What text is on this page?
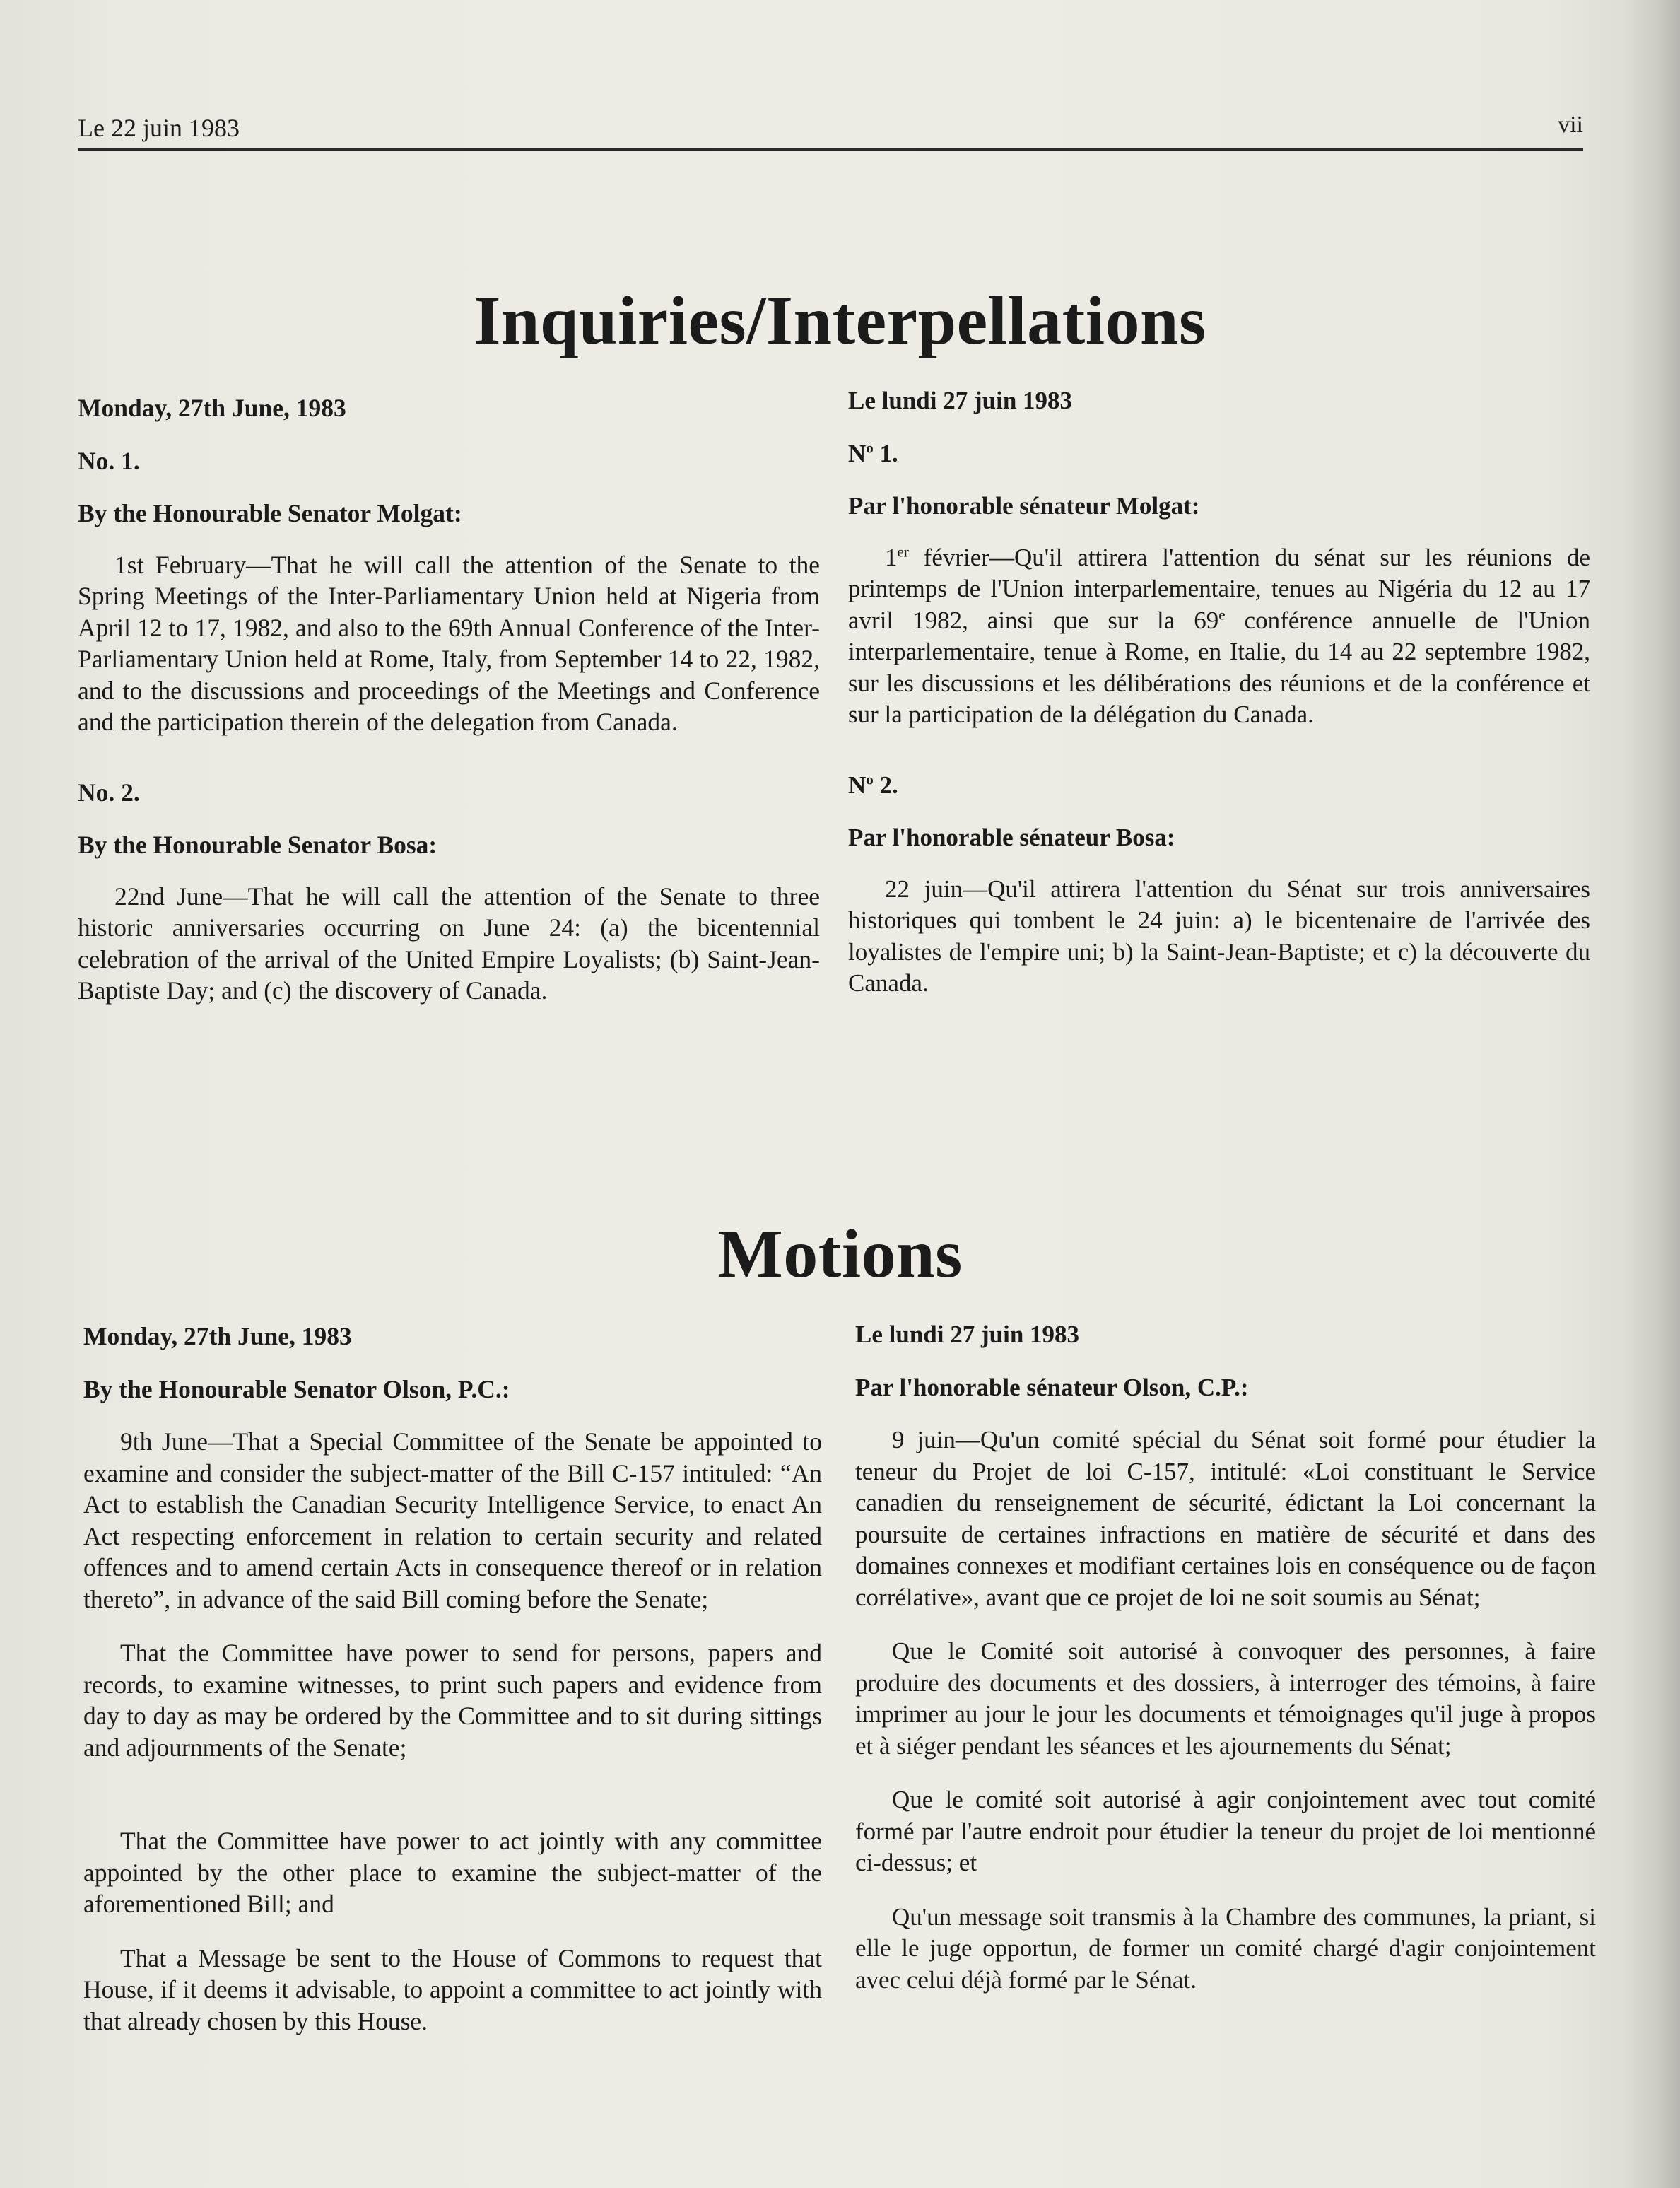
Le 22 juin 1983	vii
Inquiries/Interpellations

Monday, 27th June, 1983

No. 1.

By the Honourable Senator Molgat:

1st February—That he will call the attention of the Senate to the Spring Meetings of the Inter-Parliamentary Union held at Nigeria from April 12 to 17, 1982, and also to the 69th Annual Conference of the Inter-Parliamentary Union held at Rome, Italy, from September 14 to 22, 1982, and to the discussions and proceedings of the Meetings and Conference and the participation therein of the delegation from Canada.

No. 2.

By the Honourable Senator Bosa:

22nd June—That he will call the attention of the Senate to three historic anniversaries occurring on June 24: (a) the bicentennial celebration of the arrival of the United Empire Loyalists; (b) Saint-Jean-Baptiste Day; and (c) the discovery of Canada.

Le lundi 27 juin 1983

$N^o$ 1.

Par l'honorable sénateur Molgat:

1er février—Qu'il attirera l'attention du sénat sur les réunions de printemps de l'Union interparlementaire, tenues au Nigéria du 12 au 17 avril 1982, ainsi que sur la 69e conférence annuelle de l'Union interparlementaire, tenue à Rome, en Italie, du 14 au 22 septembre 1982, sur les discussions et les délibérations des réunions et de la conférence et sur la participation de la délégation du Canada.

$N^o$ 2.

Par l'honorable sénateur Bosa:

22 juin—Qu'il attirera l'attention du Sénat sur trois anniversaires historiques qui tombent le 24 juin: a) le bicentenaire de l'arrivée des loyalistes de l'empire uni; b) la Saint-Jean-Baptiste; et c) la découverte du Canada.

Motions

Monday, 27th June, 1983

By the Honourable Senator Olson, P.C.:

9th June—That a Special Committee of the Senate be appointed to examine and consider the subject-matter of the Bill C-157 intituled: “An Act to establish the Canadian Security Intelligence Service, to enact An Act respecting enforcement in relation to certain security and related offences and to amend certain Acts in consequence thereof or in relation thereto”, in advance of the said Bill coming before the Senate;

That the Committee have power to send for persons, papers and records, to examine witnesses, to print such papers and evidence from day to day as may be ordered by the Committee and to sit during sittings and adjournments of the Senate;

That the Committee have power to act jointly with any committee appointed by the other place to examine the subject-matter of the aforementioned Bill; and

That a Message be sent to the House of Commons to request that House, if it deems it advisable, to appoint a committee to act jointly with that already chosen by this House.

Le lundi 27 juin 1983

Par l'honorable sénateur Olson, C.P.:

9 juin—Qu'un comité spécial du Sénat soit formé pour étudier la teneur du Projet de loi C-157, intitulé: «Loi constituant le Service canadien du renseignement de sécurité, édictant la Loi concernant la poursuite de certaines infractions en matière de sécurité et dans des domaines connexes et modifiant certaines lois en conséquence ou de façon corrélative», avant que ce projet de loi ne soit soumis au Sénat;

Que le Comité soit autorisé à convoquer des personnes, à faire produire des documents et des dossiers, à interroger des témoins, à faire imprimer au jour le jour les documents et témoignages qu'il juge à propos et à siéger pendant les séances et les ajournements du Sénat;

Que le comité soit autorisé à agir conjointement avec tout comité formé par l'autre endroit pour étudier la teneur du projet de loi mentionné ci-dessus; et

Qu'un message soit transmis à la Chambre des communes, la priant, si elle le juge opportun, de former un comité chargé d'agir conjointement avec celui déjà formé par le Sénat.
